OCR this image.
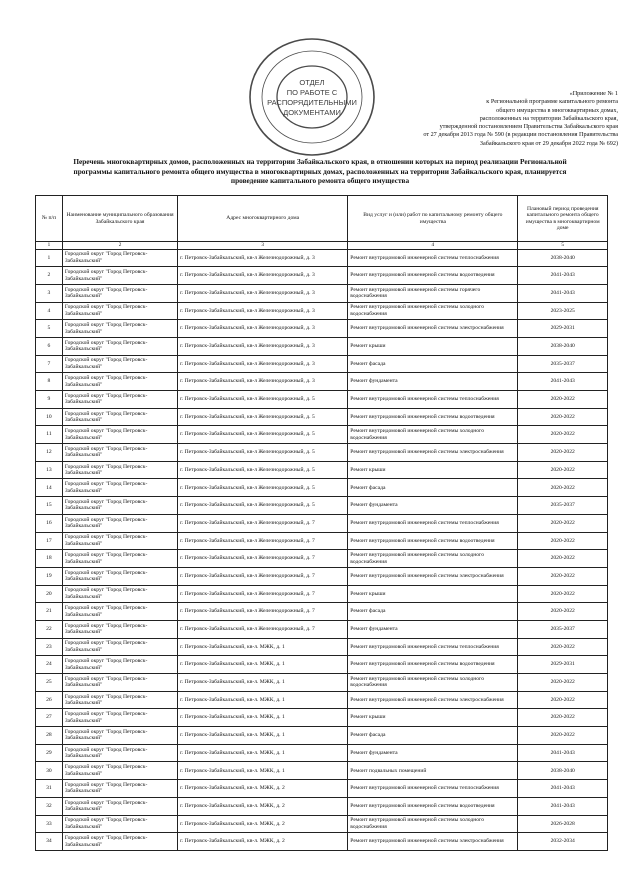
ОТДЕЛ
ПО РАБОТЕ С
РАСПОРЯДИТЕЛЬНЫМИ
ДОКУМЕНТАМИ
«Приложение № 1
к Региональной программе капитального ремонта
общего имущества в многоквартирных домах,
расположенных на территории Забайкальского края,
утвержденной постановлением Правительства Забайкальского края
от 27 декабря 2013 года № 590 (в редакции постановления Правительства
Забайкальского края от 29 декабря 2022 года № 692)
Перечень многоквартирных домов, расположенных на территории Забайкальского края, в отношении которых на период реализации Региональной программы капитального ремонта общего имущества в многоквартирных домах, расположенных на территории Забайкальского края, планируется проведение капитального ремонта общего имущества
№ п/п	Наименование муниципального образования Забайкальского края	Адрес многоквартирного дома	Вид услуг и (или) работ по капитальному ремонту общего имущества	Плановый период проведения капитального ремонта общего имущества в многоквартирном доме
1	2	3	4	5
1	Городской округ "Город Петровск-Забайкальский"	г. Петровск-Забайкальский, кв-л Железнодорожный, д. 3	Ремонт внутридомовой инженерной системы теплоснабжения	2038-2040
2	Городской округ "Город Петровск-Забайкальский"	г. Петровск-Забайкальский, кв-л Железнодорожный, д. 3	Ремонт внутридомовой инженерной системы водоотведения	2041-2043
3	Городской округ "Город Петровск-Забайкальский"	г. Петровск-Забайкальский, кв-л Железнодорожный, д. 3	Ремонт внутридомовой инженерной системы горячего водоснабжения	2041-2043
4	Городской округ "Город Петровск-Забайкальский"	г. Петровск-Забайкальский, кв-л Железнодорожный, д. 3	Ремонт внутридомовой инженерной системы холодного водоснабжения	2023-2025
5	Городской округ "Город Петровск-Забайкальский"	г. Петровск-Забайкальский, кв-л Железнодорожный, д. 3	Ремонт внутридомовой инженерной системы электроснабжения	2029-2031
6	Городской округ "Город Петровск-Забайкальский"	г. Петровск-Забайкальский, кв-л Железнодорожный, д. 3	Ремонт крыши	2038-2040
7	Городской округ "Город Петровск-Забайкальский"	г. Петровск-Забайкальский, кв-л Железнодорожный, д. 3	Ремонт фасада	2035-2037
8	Городской округ "Город Петровск-Забайкальский"	г. Петровск-Забайкальский, кв-л Железнодорожный, д. 3	Ремонт фундамента	2041-2043
9	Городской округ "Город Петровск-Забайкальский"	г. Петровск-Забайкальский, кв-л Железнодорожный, д. 5	Ремонт внутридомовой инженерной системы теплоснабжения	2020-2022
10	Городской округ "Город Петровск-Забайкальский"	г. Петровск-Забайкальский, кв-л Железнодорожный, д. 5	Ремонт внутридомовой инженерной системы водоотведения	2020-2022
11	Городской округ "Город Петровск-Забайкальский"	г. Петровск-Забайкальский, кв-л Железнодорожный, д. 5	Ремонт внутридомовой инженерной системы холодного водоснабжения	2020-2022
12	Городской округ "Город Петровск-Забайкальский"	г. Петровск-Забайкальский, кв-л Железнодорожный, д. 5	Ремонт внутридомовой инженерной системы электроснабжения	2020-2022
13	Городской округ "Город Петровск-Забайкальский"	г. Петровск-Забайкальский, кв-л Железнодорожный, д. 5	Ремонт крыши	2020-2022
14	Городской округ "Город Петровск-Забайкальский"	г. Петровск-Забайкальский, кв-л Железнодорожный, д. 5	Ремонт фасада	2020-2022
15	Городской округ "Город Петровск-Забайкальский"	г. Петровск-Забайкальский, кв-л Железнодорожный, д. 5	Ремонт фундамента	2035-2037
16	Городской округ "Город Петровск-Забайкальский"	г. Петровск-Забайкальский, кв-л Железнодорожный, д. 7	Ремонт внутридомовой инженерной системы теплоснабжения	2020-2022
17	Городской округ "Город Петровск-Забайкальский"	г. Петровск-Забайкальский, кв-л Железнодорожный, д. 7	Ремонт внутридомовой инженерной системы водоотведения	2020-2022
18	Городской округ "Город Петровск-Забайкальский"	г. Петровск-Забайкальский, кв-л Железнодорожный, д. 7	Ремонт внутридомовой инженерной системы холодного водоснабжения	2020-2022
19	Городской округ "Город Петровск-Забайкальский"	г. Петровск-Забайкальский, кв-л Железнодорожный, д. 7	Ремонт внутридомовой инженерной системы электроснабжения	2020-2022
20	Городской округ "Город Петровск-Забайкальский"	г. Петровск-Забайкальский, кв-л Железнодорожный, д. 7	Ремонт крыши	2020-2022
21	Городской округ "Город Петровск-Забайкальский"	г. Петровск-Забайкальский, кв-л Железнодорожный, д. 7	Ремонт фасада	2020-2022
22	Городской округ "Город Петровск-Забайкальский"	г. Петровск-Забайкальский, кв-л Железнодорожный, д. 7	Ремонт фундамента	2035-2037
23	Городской округ "Город Петровск-Забайкальский"	г. Петровск-Забайкальский, кв-л. МЖК, д. 1	Ремонт внутридомовой инженерной системы теплоснабжения	2020-2022
24	Городской округ "Город Петровск-Забайкальский"	г. Петровск-Забайкальский, кв-л. МЖК, д. 1	Ремонт внутридомовой инженерной системы водоотведения	2029-2031
25	Городской округ "Город Петровск-Забайкальский"	г. Петровск-Забайкальский, кв-л. МЖК, д. 1	Ремонт внутридомовой инженерной системы холодного водоснабжения	2020-2022
26	Городской округ "Город Петровск-Забайкальский"	г. Петровск-Забайкальский, кв-л. МЖК, д. 1	Ремонт внутридомовой инженерной системы электроснабжения	2020-2022
27	Городской округ "Город Петровск-Забайкальский"	г. Петровск-Забайкальский, кв-л. МЖК, д. 1	Ремонт крыши	2020-2022
28	Городской округ "Город Петровск-Забайкальский"	г. Петровск-Забайкальский, кв-л. МЖК, д. 1	Ремонт фасада	2020-2022
29	Городской округ "Город Петровск-Забайкальский"	г. Петровск-Забайкальский, кв-л. МЖК, д. 1	Ремонт фундамента	2041-2043
30	Городской округ "Город Петровск-Забайкальский"	г. Петровск-Забайкальский, кв-л. МЖК, д. 1	Ремонт подвальных помещений	2038-2040
31	Городской округ "Город Петровск-Забайкальский"	г. Петровск-Забайкальский, кв-л. МЖК, д. 2	Ремонт внутридомовой инженерной системы теплоснабжения	2041-2043
32	Городской округ "Город Петровск-Забайкальский"	г. Петровск-Забайкальский, кв-л. МЖК, д. 2	Ремонт внутридомовой инженерной системы водоотведения	2041-2043
33	Городской округ "Город Петровск-Забайкальский"	г. Петровск-Забайкальский, кв-л. МЖК, д. 2	Ремонт внутридомовой инженерной системы холодного водоснабжения	2026-2028
34	Городской округ "Город Петровск-Забайкальский"	г. Петровск-Забайкальский, кв-л. МЖК, д. 2	Ремонт внутридомовой инженерной системы электроснабжения	2032-2034
